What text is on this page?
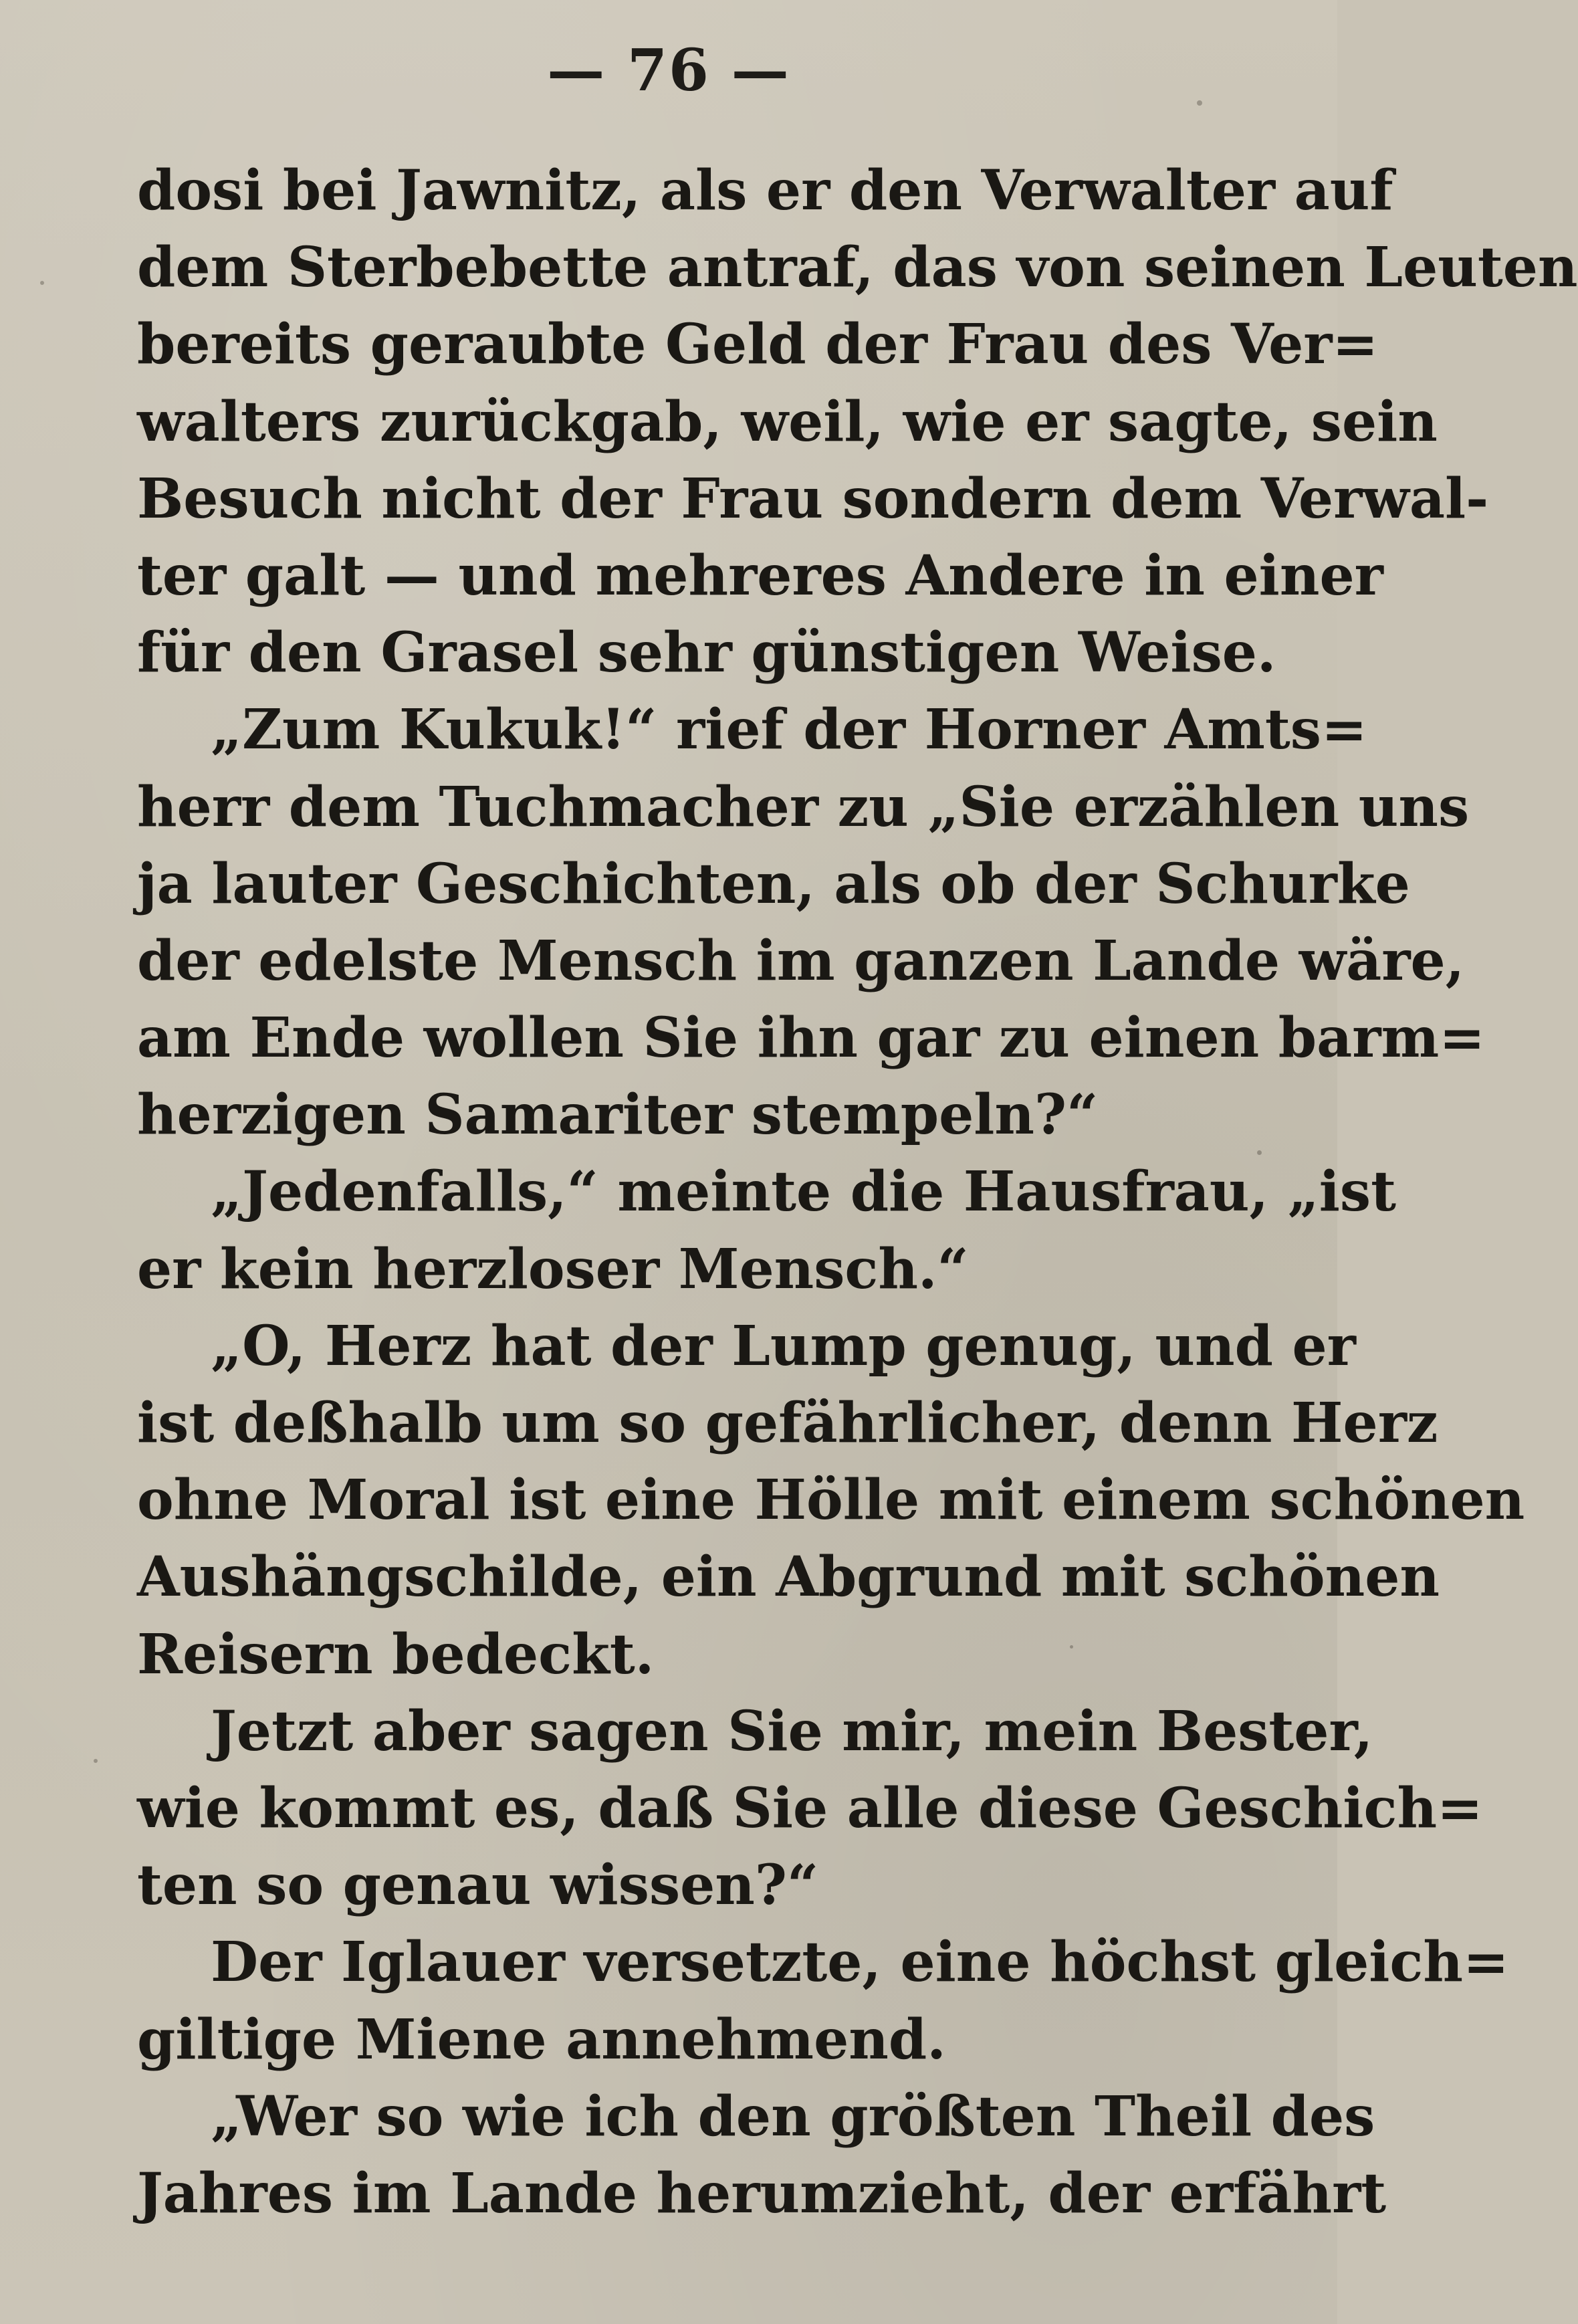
— 76 —
dosi bei Jawnitz, als er den Verwalter auf
dem Sterbebette antraf, das von seinen Leuten
bereits geraubte Geld der Frau des Ver=
walters zurückgab, weil, wie er sagte, sein
Besuch nicht der Frau sondern dem Verwal-
ter galt — und mehreres Andere in einer
für den Grasel sehr günstigen Weise.
„Zum Kukuk!“ rief der Horner Amts=
herr dem Tuchmacher zu „Sie erzählen uns
ja lauter Geschichten, als ob der Schurke
der edelste Mensch im ganzen Lande wäre,
am Ende wollen Sie ihn gar zu einen barm=
herzigen Samariter stempeln?“
„Jedenfalls,“ meinte die Hausfrau, „ist
er kein herzloser Mensch.“
„O, Herz hat der Lump genug, und er
ist deßhalb um so gefährlicher, denn Herz
ohne Moral ist eine Hölle mit einem schönen
Aushängschilde, ein Abgrund mit schönen
Reisern bedeckt.
Jetzt aber sagen Sie mir, mein Bester,
wie kommt es, daß Sie alle diese Geschich=
ten so genau wissen?“
Der Iglauer versetzte, eine höchst gleich=
giltige Miene annehmend.
„Wer so wie ich den größten Theil des
Jahres im Lande herumzieht, der erfährt
